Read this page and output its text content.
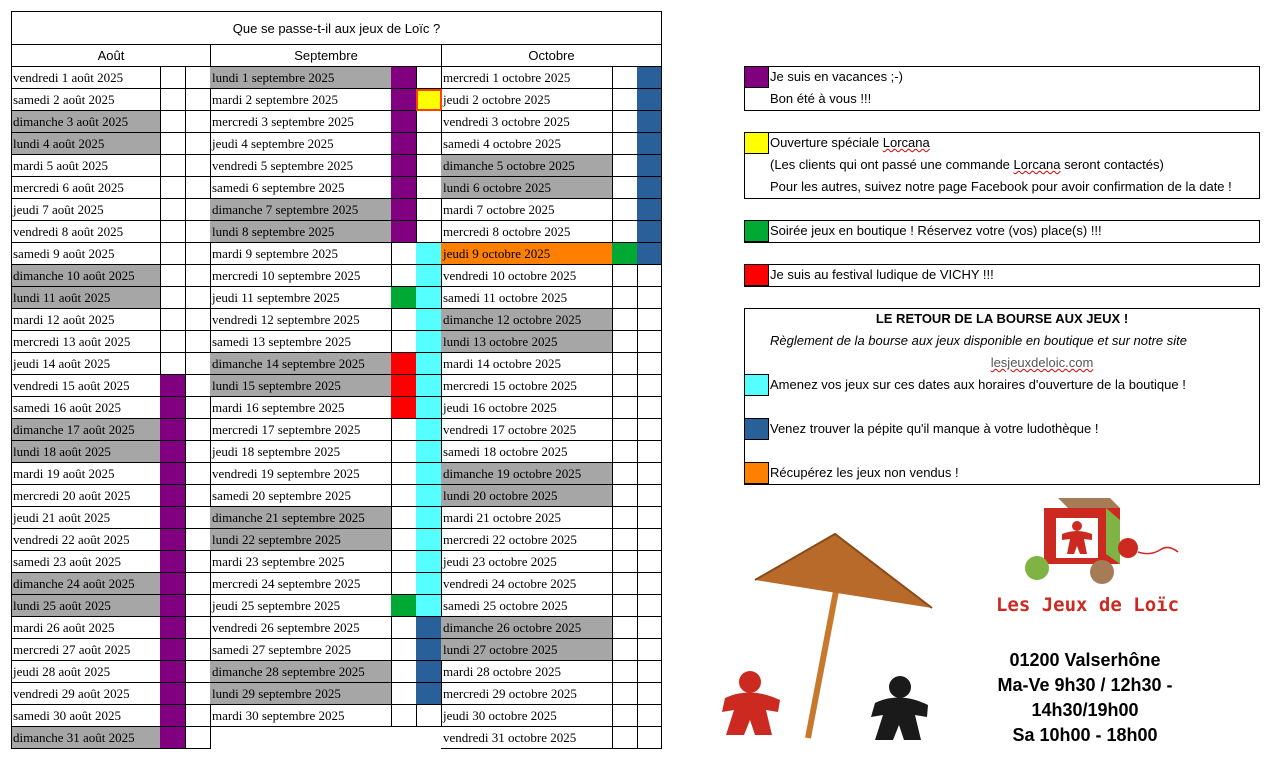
Que se passe-t-il aux jeux de Loïc ?
Août	Septembre	Octobre
vendredi 1 août 2025
samedi 2 août 2025
dimanche 3 août 2025
lundi 4 août 2025
mardi 5 août 2025
mercredi 6 août 2025
jeudi 7 août 2025
vendredi 8 août 2025
samedi 9 août 2025
dimanche 10 août 2025
lundi 11 août 2025
mardi 12 août 2025
mercredi 13 août 2025
jeudi 14 août 2025
vendredi 15 août 2025
samedi 16 août 2025
dimanche 17 août 2025
lundi 18 août 2025
mardi 19 août 2025
mercredi 20 août 2025
jeudi 21 août 2025
vendredi 22 août 2025
samedi 23 août 2025
dimanche 24 août 2025
lundi 25 août 2025
mardi 26 août 2025
mercredi 27 août 2025
jeudi 28 août 2025
vendredi 29 août 2025
samedi 30 août 2025
dimanche 31 août 2025
lundi 1 septembre 2025
mardi 2 septembre 2025
mercredi 3 septembre 2025
jeudi 4 septembre 2025
vendredi 5 septembre 2025
samedi 6 septembre 2025
dimanche 7 septembre 2025
lundi 8 septembre 2025
mardi 9 septembre 2025
mercredi 10 septembre 2025
jeudi 11 septembre 2025
vendredi 12 septembre 2025
samedi 13 septembre 2025
dimanche 14 septembre 2025
lundi 15 septembre 2025
mardi 16 septembre 2025
mercredi 17 septembre 2025
jeudi 18 septembre 2025
vendredi 19 septembre 2025
samedi 20 septembre 2025
dimanche 21 septembre 2025
lundi 22 septembre 2025
mardi 23 septembre 2025
mercredi 24 septembre 2025
jeudi 25 septembre 2025
vendredi 26 septembre 2025
samedi 27 septembre 2025
dimanche 28 septembre 2025
lundi 29 septembre 2025
mardi 30 septembre 2025
mercredi 1 octobre 2025
jeudi 2 octobre 2025
vendredi 3 octobre 2025
samedi 4 octobre 2025
dimanche 5 octobre 2025
lundi 6 octobre 2025
mardi 7 octobre 2025
mercredi 8 octobre 2025
jeudi 9 octobre 2025
vendredi 10 octobre 2025
samedi 11 octobre 2025
dimanche 12 octobre 2025
lundi 13 octobre 2025
mardi 14 octobre 2025
mercredi 15 octobre 2025
jeudi 16 octobre 2025
vendredi 17 octobre 2025
samedi 18 octobre 2025
dimanche 19 octobre 2025
lundi 20 octobre 2025
mardi 21 octobre 2025
mercredi 22 octobre 2025
jeudi 23 octobre 2025
vendredi 24 octobre 2025
samedi 25 octobre 2025
dimanche 26 octobre 2025
lundi 27 octobre 2025
mardi 28 octobre 2025
mercredi 29 octobre 2025
jeudi 30 octobre 2025
vendredi 31 octobre 2025
Je suis en vacances ;-)
Bon été à vous !!!
Ouverture spéciale Lorcana
(Les clients qui ont passé une commande Lorcana seront contactés)
Pour les autres, suivez notre page Facebook pour avoir confirmation de la date !
Soirée jeux en boutique ! Réservez votre (vos) place(s) !!!
Je suis au festival ludique de VICHY !!!
LE RETOUR DE LA BOURSE AUX JEUX !
Règlement de la bourse aux jeux disponible en boutique et sur notre site
lesjeuxdeloic.com
Amenez vos jeux sur ces dates aux horaires d'ouverture de la boutique !
Venez trouver la pépite qu'il manque à votre ludothèque !
Récupérez les jeux non vendus !
Les Jeux de Loïc
01200 Valserhône
Ma-Ve 9h30 / 12h30 -
14h30/19h00
Sa 10h00 - 18h00
